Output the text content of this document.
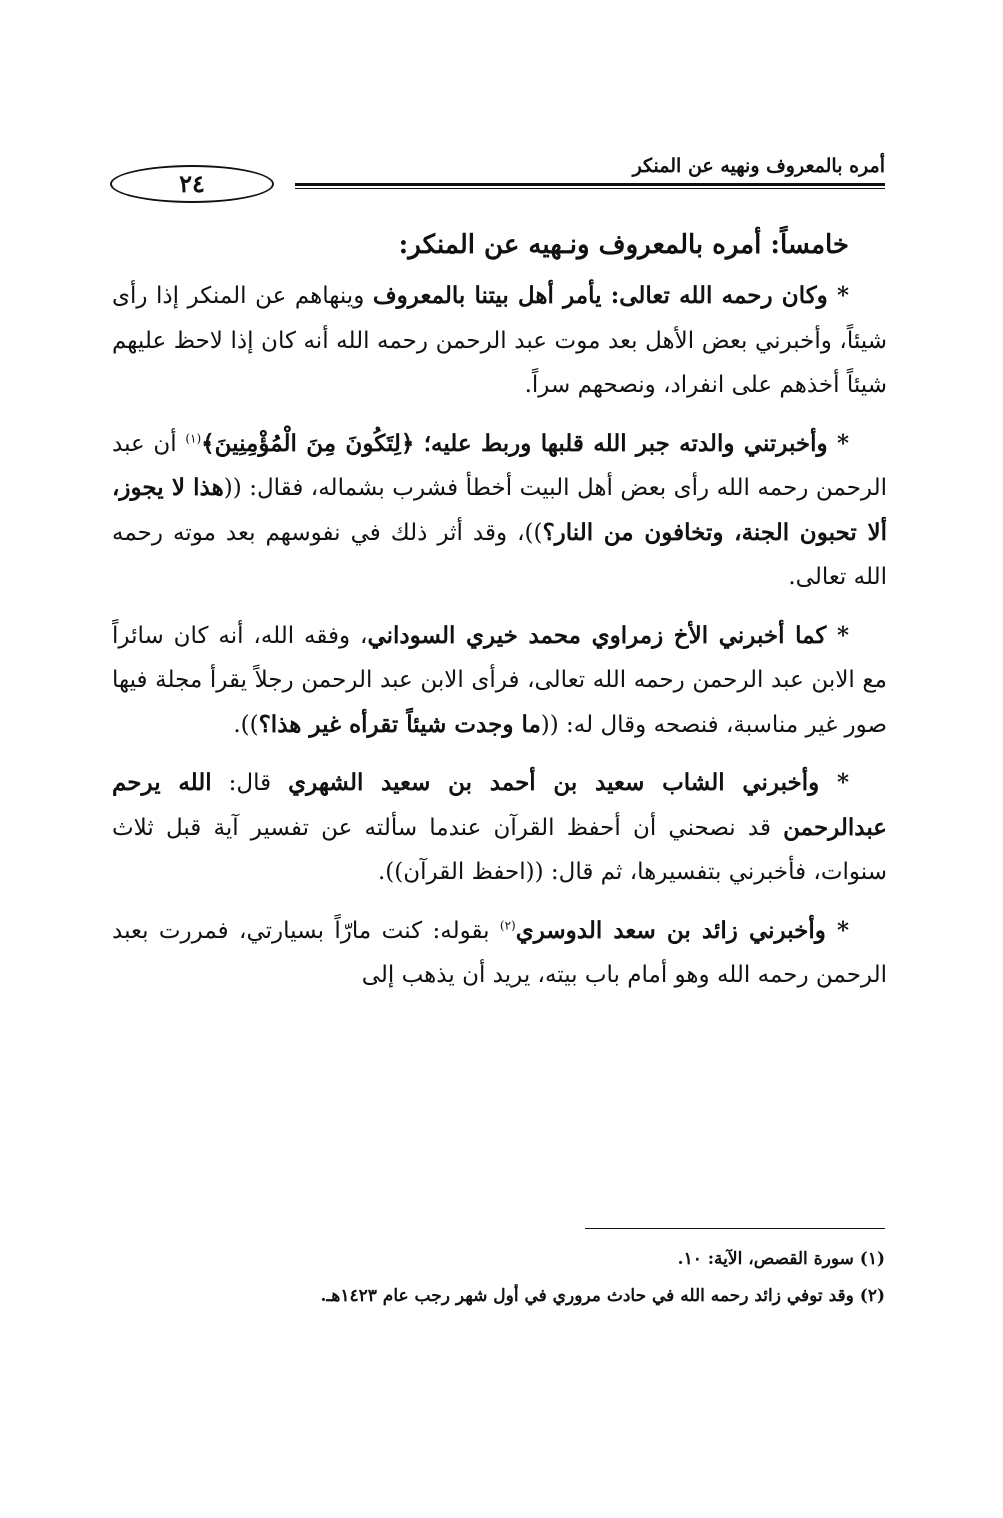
أمره بالمعروف ونهيه عن المنكر
٢٤
خامساً: أمره بالمعروف ونـهيه عن المنكر:

* وكان رحمه الله تعالى: يأمر أهل بيتنا بالمعروف وينهاهم عن المنكر إذا رأى شيئاً، وأخبرني بعض الأهل بعد موت عبد الرحمن رحمه الله أنه كان إذا لاحظ عليهم شيئاً أخذهم على انفراد، ونصحهم سراً.

* وأخبرتني والدته جبر الله قلبها وربط عليه؛ ﴿لِتَكُونَ مِنَ الْمُؤْمِنِينَ﴾$^{(١)}$ أن عبد الرحمن رحمه الله رأى بعض أهل البيت أخطأ فشرب بشماله، فقال: ((هذا لا يجوز، ألا تحبون الجنة، وتخافون من النار؟))، وقد أثر ذلك في نفوسهم بعد موته رحمه الله تعالى.

* كما أخبرني الأخ زمراوي محمد خيري السوداني، وفقه الله، أنه كان سائراً مع الابن عبد الرحمن رحمه الله تعالى، فرأى الابن عبد الرحمن رجلاً يقرأ مجلة فيها صور غير مناسبة، فنصحه وقال له: ((ما وجدت شيئاً تقرأه غير هذا؟)).

* وأخبرني الشاب سعيد بن أحمد بن سعيد الشهري قال: الله يرحم عبدالرحمن قد نصحني أن أحفظ القرآن عندما سألته عن تفسير آية قبل ثلاث سنوات، فأخبرني بتفسيرها، ثم قال: ((احفظ القرآن)).

* وأخبرني زائد بن سعد الدوسري$^{(٢)}$ بقوله: كنت مارّاً بسيارتي، فمررت بعبد الرحمن رحمه الله وهو أمام باب بيته، يريد أن يذهب إلى

(١) سورة القصص، الآية: ١٠.

(٢) وقد توفي زائد رحمه الله في حادث مروري في أول شهر رجب عام ١٤٢٣هـ.
